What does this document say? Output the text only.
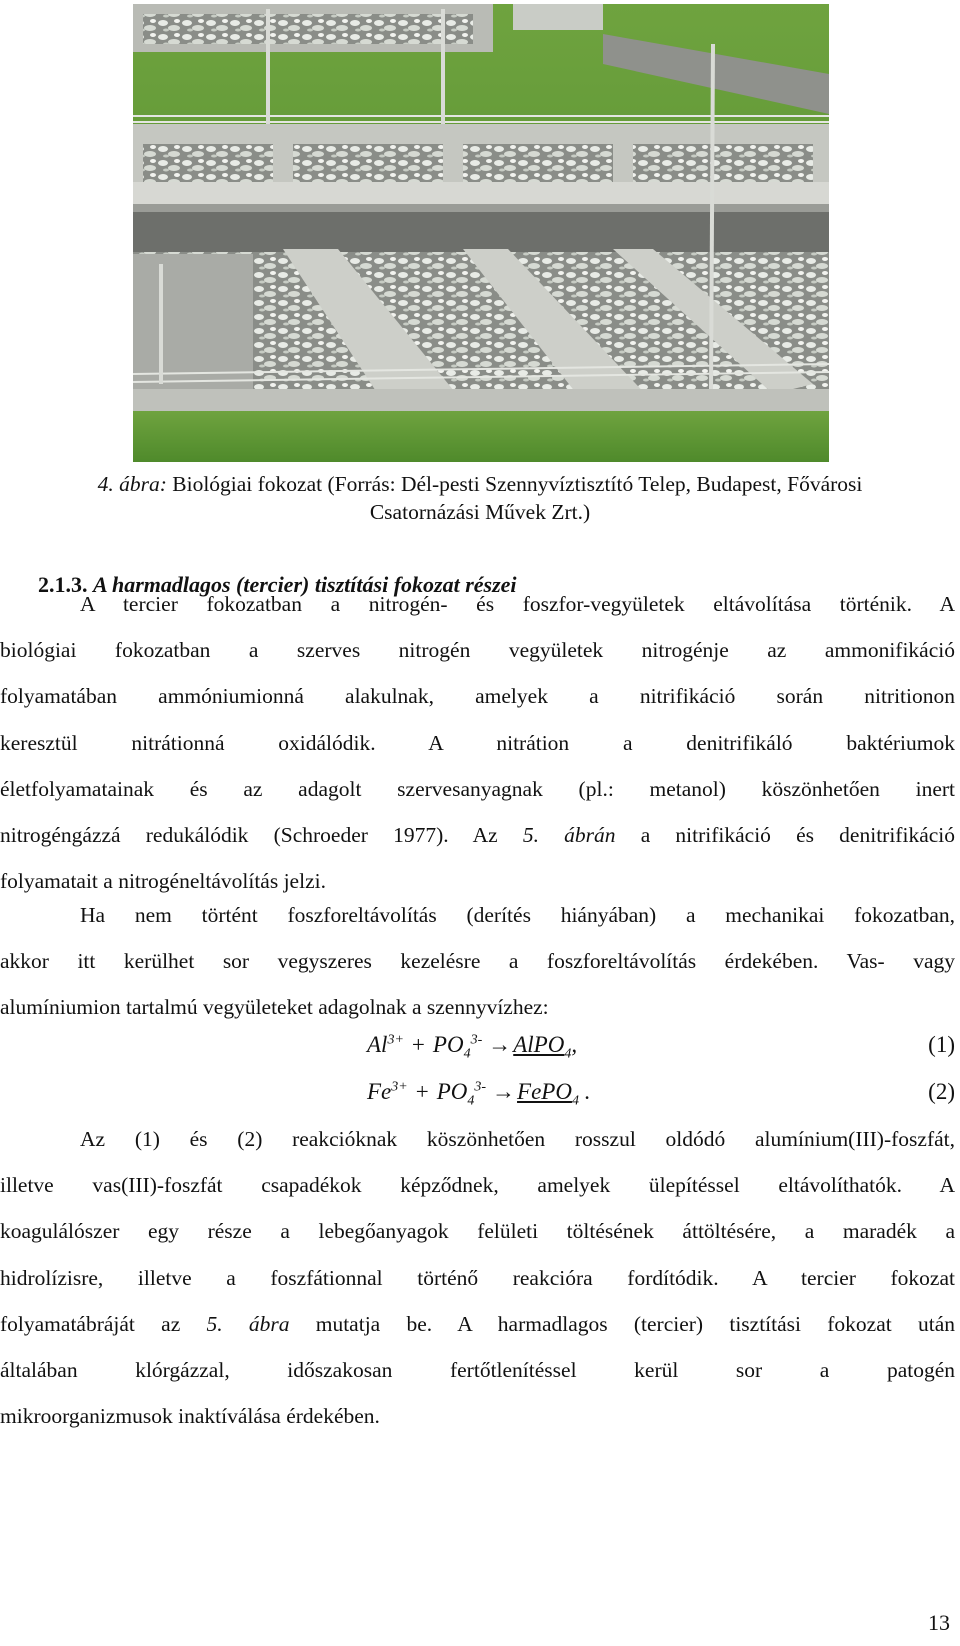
4. ábra: Biológiai fokozat (Forrás: Dél-pesti Szennyvíztisztító Telep, Budapest, Fővárosi
Csatornázási Művek Zrt.)
2.1.3. A harmadlagos (tercier) tisztítási fokozat részei
A tercier fokozatban a nitrogén- és foszfor-vegyületek eltávolítása történik. A
biológiai fokozatban a szerves nitrogén vegyületek nitrogénje az ammonifikáció
folyamatában ammóniumionná alakulnak, amelyek a nitrifikáció során nitritionon
keresztül nitrátionná oxidálódik. A nitrátion a denitrifikáló baktériumok
életfolyamatainak és az adagolt szervesanyagnak (pl.: metanol) köszönhetően inert
nitrogéngázzá redukálódik (Schroeder 1977). Az 5. ábrán a nitrifikáció és denitrifikáció
folyamatait a nitrogéneltávolítás jelzi.
Ha nem történt foszforeltávolítás (derítés hiányában) a mechanikai fokozatban,
akkor itt kerülhet sor vegyszeres kezelésre a foszforeltávolítás érdekében. Vas- vagy
alumíniumion tartalmú vegyületeket adagolnak a szennyvízhez:
$Al^{3+} + PO_4^{3-}$ →AlPO$_4$,	(1)
$Fe^{3+} + PO_4^{3-}$ →FePO$_4$ .	(2)
Az (1) és (2) reakcióknak köszönhetően rosszul oldódó alumínium(III)-foszfát,
illetve vas(III)-foszfát csapadékok képződnek, amelyek ülepítéssel eltávolíthatók. A
koagulálószer egy része a lebegőanyagok felületi töltésének áttöltésére, a maradék a
hidrolízisre, illetve a foszfátionnal történő reakcióra fordítódik. A tercier fokozat
folyamatábráját az 5. ábra mutatja be. A harmadlagos (tercier) tisztítási fokozat után
általában klórgázzal, időszakosan fertőtlenítéssel kerül sor a patogén
mikroorganizmusok inaktíválása érdekében.
13
